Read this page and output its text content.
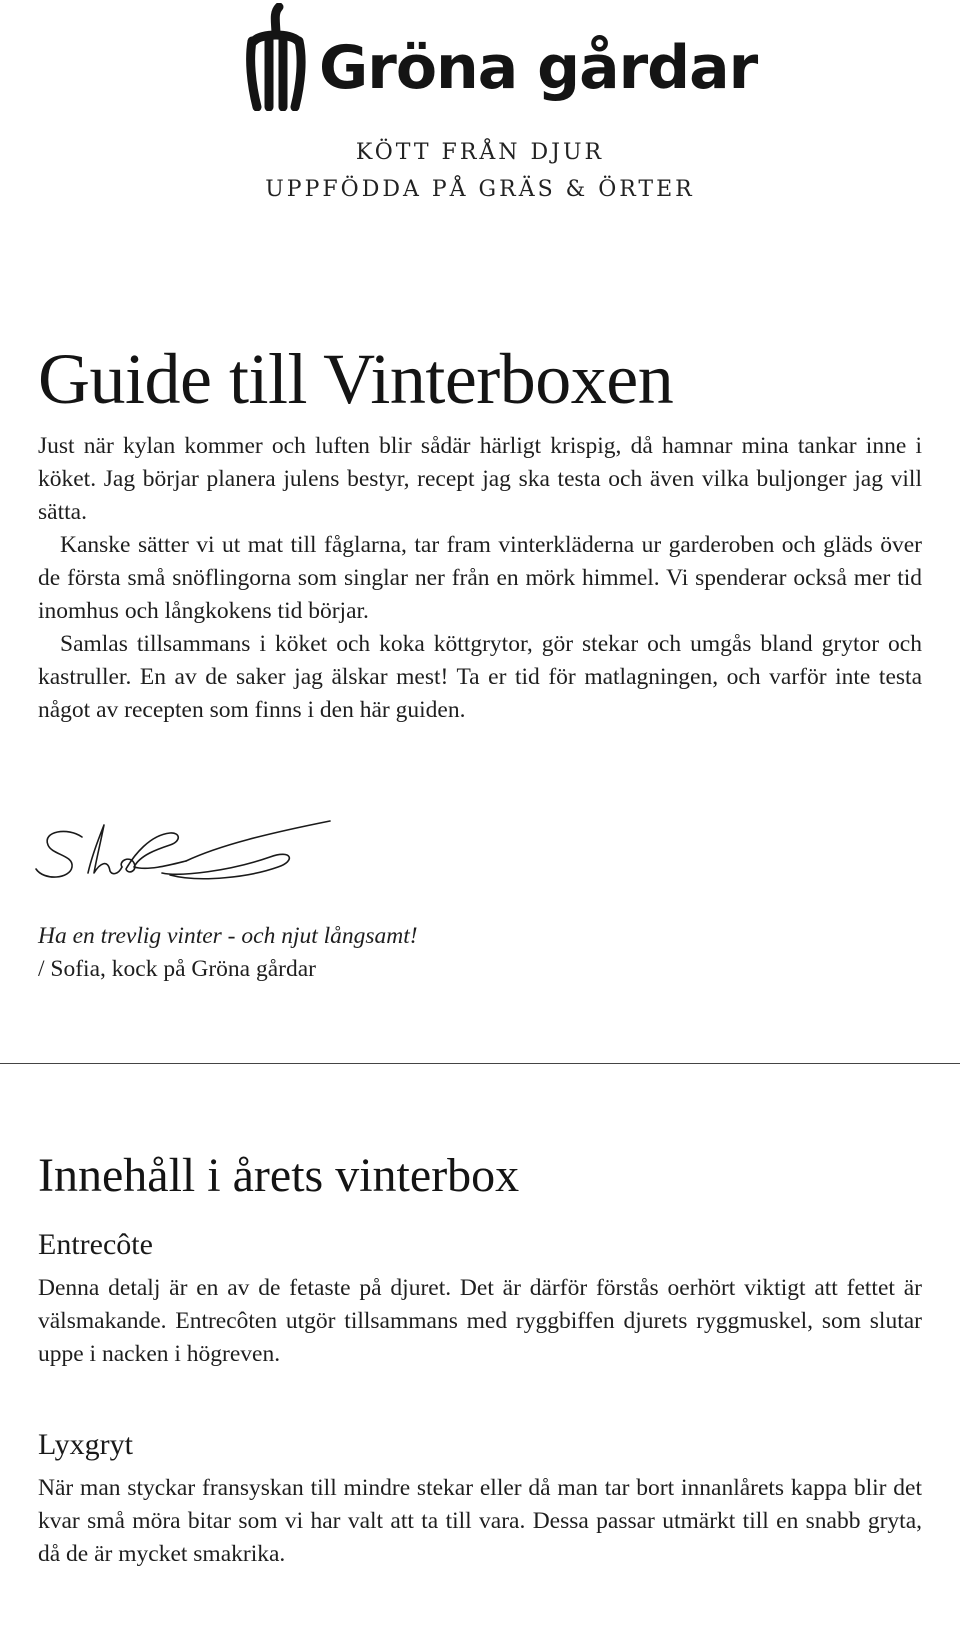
Gröna gårdar
KÖTT FRÅN DJUR
UPPFÖDDA PÅ GRÄS & ÖRTER
Guide till Vinterboxen

Just när kylan kommer och luften blir sådär härligt krispig, då hamnar mina tankar inne i köket. Jag börjar planera julens bestyr, recept jag ska testa och även vilka buljonger jag vill sätta.

Kanske sätter vi ut mat till fåglarna, tar fram vinterkläderna ur garderoben och gläds över de första små snöflingorna som singlar ner från en mörk himmel. Vi spenderar också mer tid inomhus och långkokens tid börjar.

Samlas tillsammans i köket och koka köttgrytor, gör stekar och umgås bland grytor och kastruller. En av de saker jag älskar mest! Ta er tid för matlagningen, och varför inte testa något av recepten som finns i den här guiden.

Ha en trevlig vinter - och njut långsamt!
/ Sofia, kock på Gröna gårdar
Innehåll i årets vinterbox
Entrecôte

Denna detalj är en av de fetaste på djuret. Det är därför förstås oerhört viktigt att fettet är välsmakande. Entrecôten utgör tillsammans med ryggbiffen djurets ryggmuskel, som slutar uppe i nacken i högreven.

Lyxgryt

När man styckar fransyskan till mindre stekar eller då man tar bort innanlårets kappa blir det kvar små möra bitar som vi har valt att ta till vara. Dessa passar utmärkt till en snabb gryta, då de är mycket smakrika.
